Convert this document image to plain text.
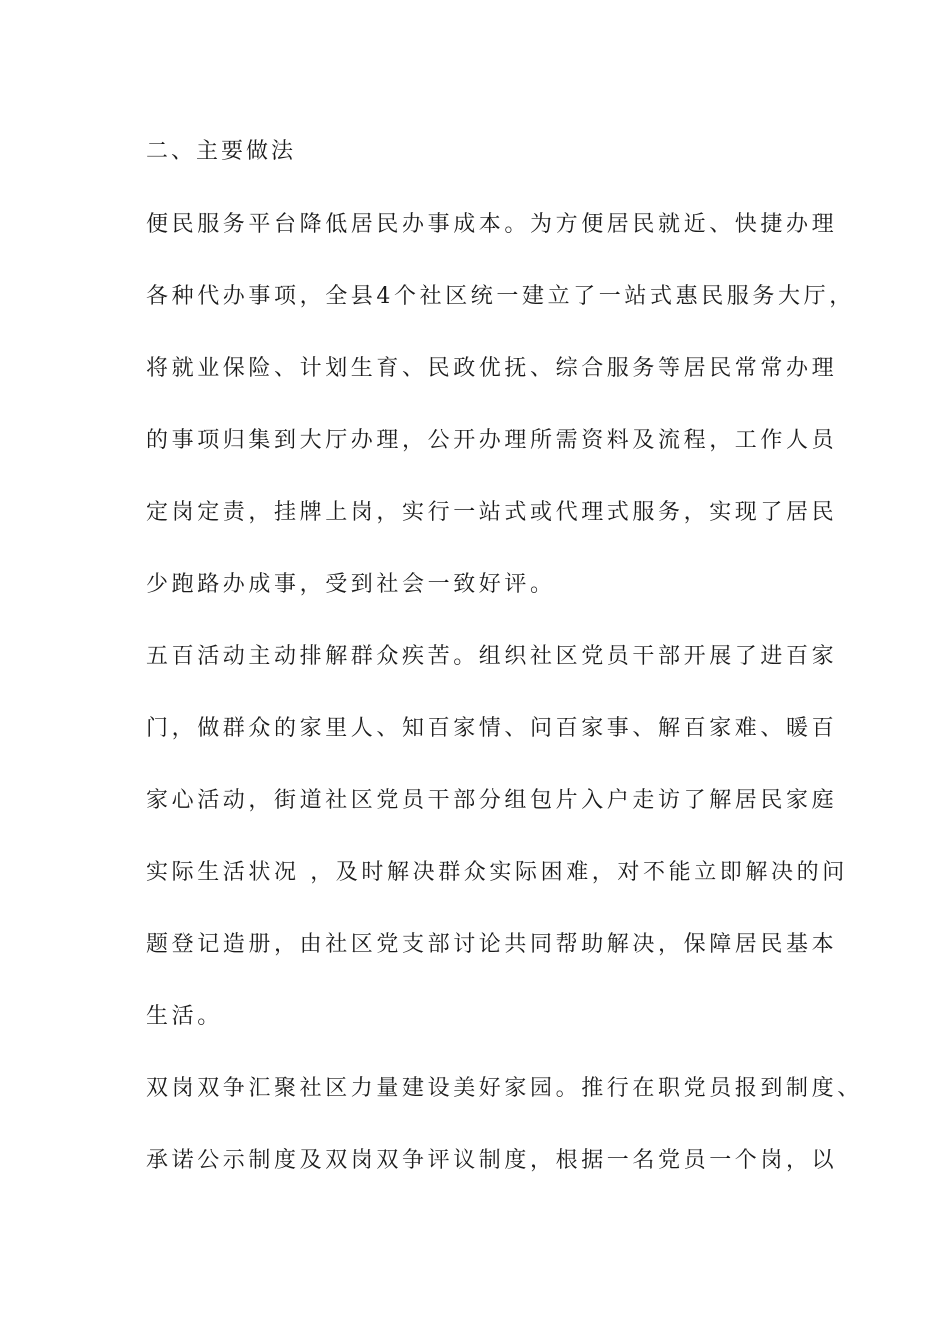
二、主要做法
便民服务平台降低居民办事成本。为方便居民就近、快捷办理
各种代办事项，全县4个社区统一建立了一站式惠民服务大厅，
将就业保险、计划生育、民政优抚、综合服务等居民常常办理
的事项归集到大厅办理，公开办理所需资料及流程，工作人员
定岗定责，挂牌上岗，实行一站式或代理式服务，实现了居民
少跑路办成事，受到社会一致好评。
五百活动主动排解群众疾苦。组织社区党员干部开展了进百家
门，做群众的家里人、知百家情、问百家事、解百家难、暖百
家心活动，街道社区党员干部分组包片入户走访了解居民家庭
实际生活状况 ，及时解决群众实际困难，对不能立即解决的问
题登记造册，由社区党支部讨论共同帮助解决，保障居民基本
生活。
双岗双争汇聚社区力量建设美好家园。推行在职党员报到制度、
承诺公示制度及双岗双争评议制度，根据一名党员一个岗，以
